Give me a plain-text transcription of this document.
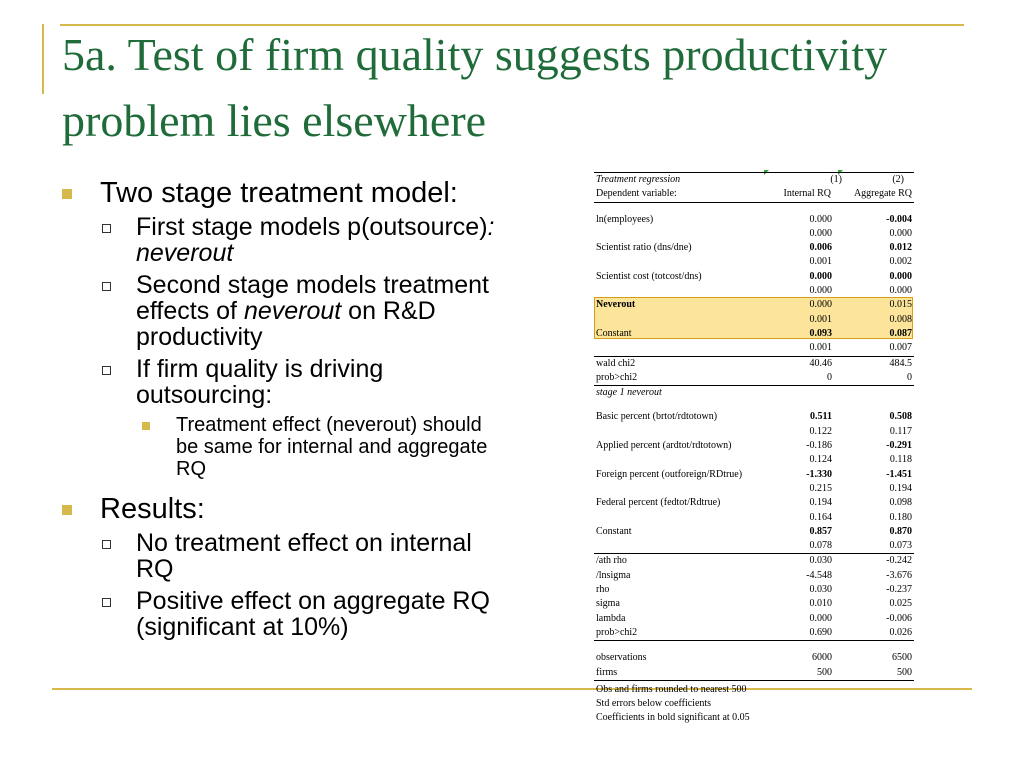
5a. Test of firm quality suggests productivity problem lies elsewhere
Two stage treatment model:
First stage models p(outsource): neverout
Second stage models treatment effects of neverout on R&D productivity
If firm quality is driving outsourcing:
Treatment effect (neverout) should be same for internal and aggregate RQ
Results:
No treatment effect on internal RQ
Positive effect on aggregate RQ (significant at 10%)
Treatment regression	(1)	(2)
Dependent variable:	Internal RQ Aggregate RQ
ln(employees)	0.000	-0.004
0.000	0.000
Scientist ratio (dns/dne)	0.006	0.012
0.001	0.002
Scientist cost (totcost/dns)	0.000	0.000
0.000	0.000
Neverout	0.000	0.015
0.001	0.008
Constant	0.093	0.087
0.001	0.007
wald chi2	40.46	484.5
prob>chi2	0	0
stage 1 neverout
Basic percent (brtot/rdtotown)	0.511	0.508
0.122	0.117
Applied percent (ardtot/rdtotown)	-0.186	-0.291
0.124	0.118
Foreign percent (outforeign/RDtrue)	-1.330	-1.451
0.215	0.194
Federal percent (fedtot/Rdtrue)	0.194	0.098
0.164	0.180
Constant	0.857	0.870
0.078	0.073
/ath rho	0.030	-0.242
/lnsigma	-4.548	-3.676
rho	0.030	-0.237
sigma	0.010	0.025
lambda	0.000	-0.006
prob>chi2	0.690	0.026
observations	6000	6500
firms	500	500
Obs and firms rounded to nearest 500
Std errors below coefficients
Coefficients in bold significant at 0.05
